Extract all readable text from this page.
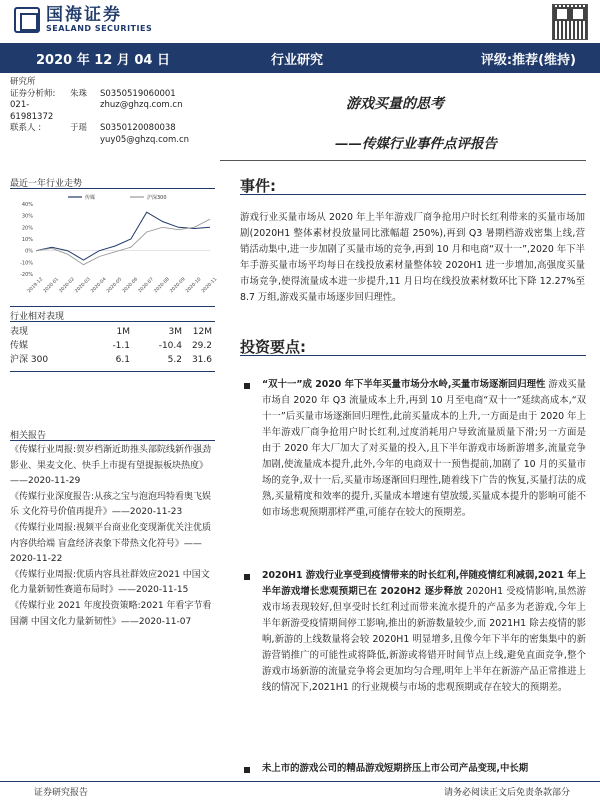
国海证券
SEALAND SECURITIES
2020 年 12 月 04 日	行业研究	评级:推荐(维持)
研究所
证券分析师:	朱珠	S0350519060001
021-61981372
zhuz@ghzq.com.cn
联系人 :	于瑶	S0350120080038
yuy05@ghzq.com.cn
游戏买量的思考
——传媒行业事件点评报告
最近一年行业走势
40%
30%
20%
10%
0%
-10%
-20%
2019-12
2020-01
2020-02
2020-03
2020-04
2020-05
2020-06
2020-07
2020-08
2020-09
2020-10
2020-11
传媒	沪深300
行业相对表现
表现	1M	3M	12M
传媒	-1.1	-10.4	29.2
沪深 300	6.1	5.2	31.6
相关报告
《传媒行业周报:贺岁档渐近助推头部院线新作强劲影业、果麦文化、快手上市提有望提振板块热度》——2020-11-29
《传媒行业深度报告:从孩之宝与泡泡玛特看奥飞娱乐 文化符号价值再提升》——2020-11-23
《传媒行业周报:视频平台商业化变现渐优关注优质内容供给端 盲盒经济表象下带热文化符号》——2020-11-22
《传媒行业周报:优质内容具社群效应2021 中国文化力量新韧性赛道布局时》——2020-11-15
《传媒行业 2021 年度投资策略:2021 年看字节看国潮 中国文化力量新韧性》——2020-11-07
事件:
游戏行业买量市场从 2020 年上半年游戏厂商争抢用户时长红利带来的买量市场加剧(2020H1 整体素材投放量同比涨幅超 250%),再到 Q3 暑期档游戏密集上线,营销活动集中,进一步加剧了买量市场的竞争,再到 10 月和电商“双十一”,2020 年下半年手游买量市场平均每日在线投放素材量整体较 2020H1 进一步增加,高强度买量市场竞争,使得流量成本进一步提升,11 月日均在线投放素材数环比下降 12.27%至 8.7 万组,游戏买量市场逐步回归理性。
投资要点:
“双十一”成 2020 年下半年买量市场分水岭,买量市场逐渐回归理性 游戏买量市场自 2020 年 Q3 流量成本上升,再到 10 月至电商“双十一”延续高成本,“双十一”后买量市场逐渐回归理性,此前买量成本的上升,一方面是由于 2020 年上半年游戏厂商争抢用户时长红利,过度消耗用户导致流量质量下滑;另一方面是由于 2020 年大厂加大了对买量的投入,且下半年游戏市场新游增多,流量竞争加剧,使流量成本提升,此外,今年的电商双十一预售提前,加剧了 10 月的买量市场的竞争,双十一后,买量市场逐渐回归理性,随着线下广告的恢复,买量打法的成熟,买量精度和效率的提升,买量成本增速有望放缓,买量成本提升的影响可能不如市场悲观预期那样严重,可能存在较大的预期差。
2020H1 游戏行业享受到疫情带来的时长红利,伴随疫情红利减弱,2021 年上半年游戏增长悲观预期已在 2020H2 逐步释放 2020H1 受疫情影响,虽然游戏市场表现较好,但享受时长红利过而带来流水提升的产品多为老游戏,今年上半年新游受疫情期间停工影响,推出的新游数量较少,而 2021H1 除去疫情的影响,新游的上线数量将会较 2020H1 明显增多,且像今年下半年的密集集中的新游营销推广的可能性或将降低,新游或将错开时间节点上线,避免直面竞争,整个游戏市场新游的流量竞争将会更加均匀合理,明年上半年在新游产品正常推进上线的情况下,2021H1 的行业规模与市场的悲观预期或存在较大的预期差。
未上市的游戏公司的精品游戏短期挤压上市公司产品变现,中长期
证券研究报告	请务必阅读正文后免责条款部分
